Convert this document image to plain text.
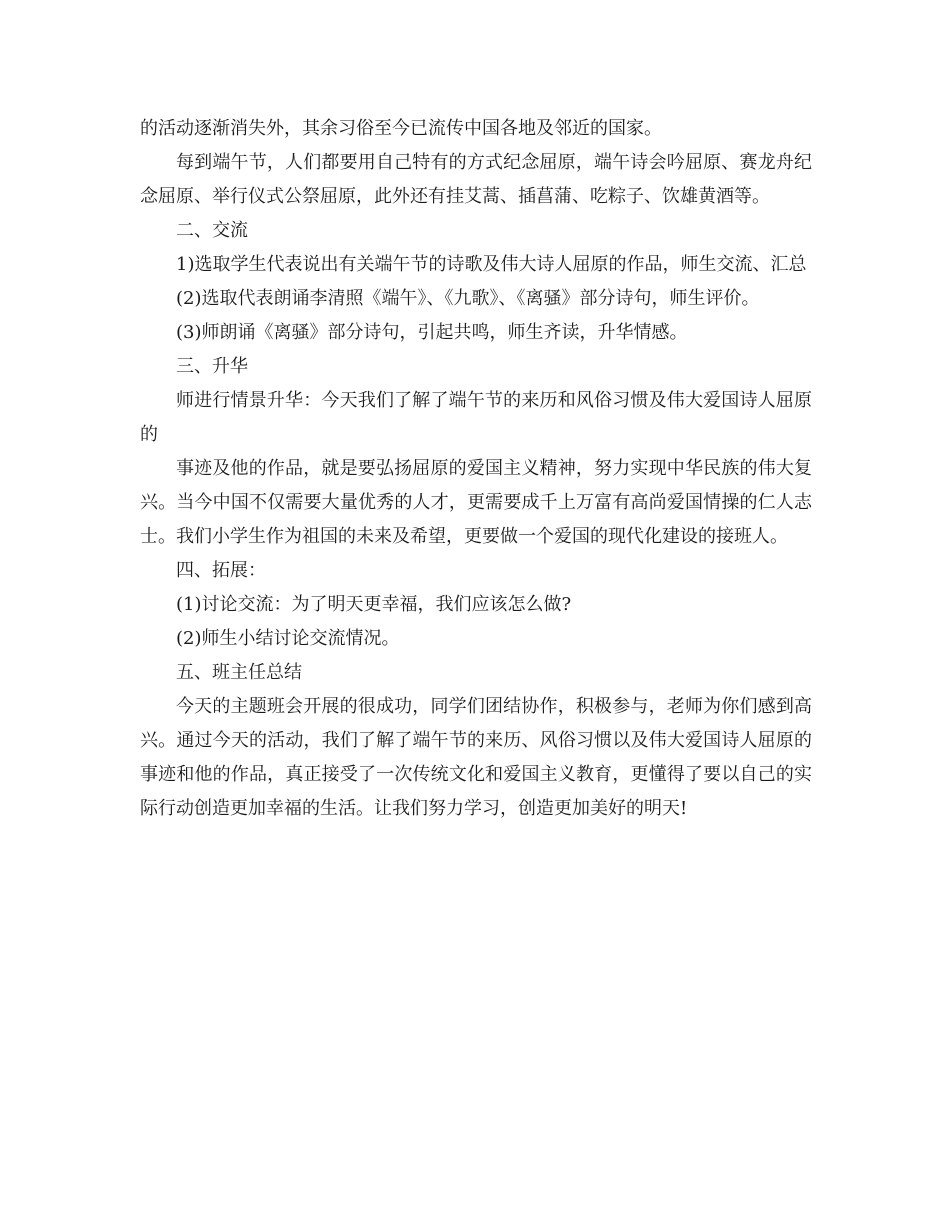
的活动逐渐消失外，其余习俗至今已流传中国各地及邻近的国家。

每到端午节，人们都要用自己特有的方式纪念屈原，端午诗会吟屈原、赛龙舟纪念屈原、举行仪式公祭屈原，此外还有挂艾蒿、插菖蒲、吃粽子、饮雄黄酒等。

二、交流

1)选取学生代表说出有关端午节的诗歌及伟大诗人屈原的作品，师生交流、汇总

(2)选取代表朗诵李清照《端午》、《九歌》、《离骚》部分诗句，师生评价。

(3)师朗诵《离骚》部分诗句，引起共鸣，师生齐读，升华情感。

三、升华

师进行情景升华：今天我们了解了端午节的来历和风俗习惯及伟大爱国诗人屈原的

事迹及他的作品，就是要弘扬屈原的爱国主义精神，努力实现中华民族的伟大复兴。当今中国不仅需要大量优秀的人才，更需要成千上万富有高尚爱国情操的仁人志士。我们小学生作为祖国的未来及希望，更要做一个爱国的现代化建设的接班人。

四、拓展：

(1)讨论交流：为了明天更幸福，我们应该怎么做?

(2)师生小结讨论交流情况。

五、班主任总结

今天的主题班会开展的很成功，同学们团结协作，积极参与，老师为你们感到高兴。通过今天的活动，我们了解了端午节的来历、风俗习惯以及伟大爱国诗人屈原的事迹和他的作品，真正接受了一次传统文化和爱国主义教育，更懂得了要以自己的实际行动创造更加幸福的生活。让我们努力学习，创造更加美好的明天!
